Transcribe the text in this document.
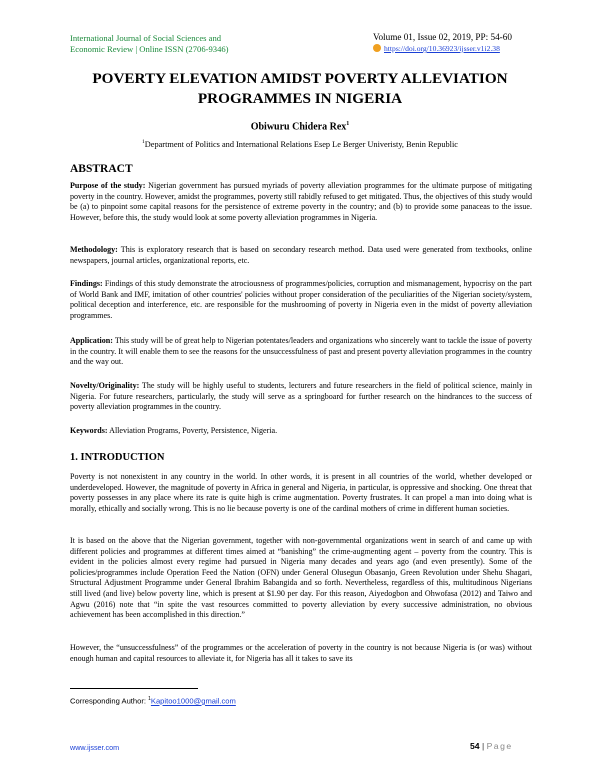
International Journal of Social Sciences and
Economic Review | Online ISSN (2706-9346)
Volume 01, Issue 02, 2019, PP: 54-60
https://doi.org/10.36923/ijsser.v1i2.38
POVERTY ELEVATION AMIDST POVERTY ALLEVIATION PROGRAMMES IN NIGERIA
Obiwuru Chidera Rex$^1$
$^1$Department of Politics and International Relations Esep Le Berger Univeristy, Benin Republic
ABSTRACT
Purpose of the study: Nigerian government has pursued myriads of poverty alleviation programmes for the ultimate purpose of mitigating poverty in the country. However, amidst the programmes, poverty still rabidly refused to get mitigated. Thus, the objectives of this study would be (a) to pinpoint some capital reasons for the persistence of extreme poverty in the country; and (b) to provide some panaceas to the issue. However, before this, the study would look at some poverty alleviation programmes in Nigeria.
Methodology: This is exploratory research that is based on secondary research method. Data used were generated from textbooks, online newspapers, journal articles, organizational reports, etc.
Findings: Findings of this study demonstrate the atrociousness of programmes/policies, corruption and mismanagement, hypocrisy on the part of World Bank and IMF, imitation of other countries' policies without proper consideration of the peculiarities of the Nigerian society/system, political deception and interference, etc. are responsible for the mushrooming of poverty in Nigeria even in the midst of poverty alleviation programmes.
Application: This study will be of great help to Nigerian potentates/leaders and organizations who sincerely want to tackle the issue of poverty in the country. It will enable them to see the reasons for the unsuccessfulness of past and present poverty alleviation programmes in the country and the way out.
Novelty/Originality: The study will be highly useful to students, lecturers and future researchers in the field of political science, mainly in Nigeria. For future researchers, particularly, the study will serve as a springboard for further research on the hindrances to the success of poverty alleviation programmes in the country.
Keywords: Alleviation Programs, Poverty, Persistence, Nigeria.
1. INTRODUCTION
Poverty is not nonexistent in any country in the world. In other words, it is present in all countries of the world, whether developed or underdeveloped. However, the magnitude of poverty in Africa in general and Nigeria, in particular, is oppressive and shocking. One threat that poverty possesses in any place where its rate is quite high is crime augmentation. Poverty frustrates. It can propel a man into doing what is morally, ethically and socially wrong. This is no lie because poverty is one of the cardinal mothers of crime in different human societies.
It is based on the above that the Nigerian government, together with non-governmental organizations went in search of and came up with different policies and programmes at different times aimed at “banishing” the crime-augmenting agent – poverty from the country. This is evident in the policies almost every regime had pursued in Nigeria many decades and years ago (and even presently). Some of the policies/programmes include Operation Feed the Nation (OFN) under General Olusegun Obasanjo, Green Revolution under Shehu Shagari, Structural Adjustment Programme under General Ibrahim Babangida and so forth. Nevertheless, regardless of this, multitudinous Nigerians still lived (and live) below poverty line, which is present at $1.90 per day. For this reason, Aiyedogbon and Ohwofasa (2012) and Taiwo and Agwu (2016) note that “in spite the vast resources committed to poverty alleviation by every successive administration, no obvious achievement has been accomplished in this direction.”
However, the “unsuccessfulness” of the programmes or the acceleration of poverty in the country is not because Nigeria is (or was) without enough human and capital resources to alleviate it, for Nigeria has all it takes to save its
Corresponding Author: $^1$Kapitoo1000@gmail.com
www.ijsser.com	54 | Page
